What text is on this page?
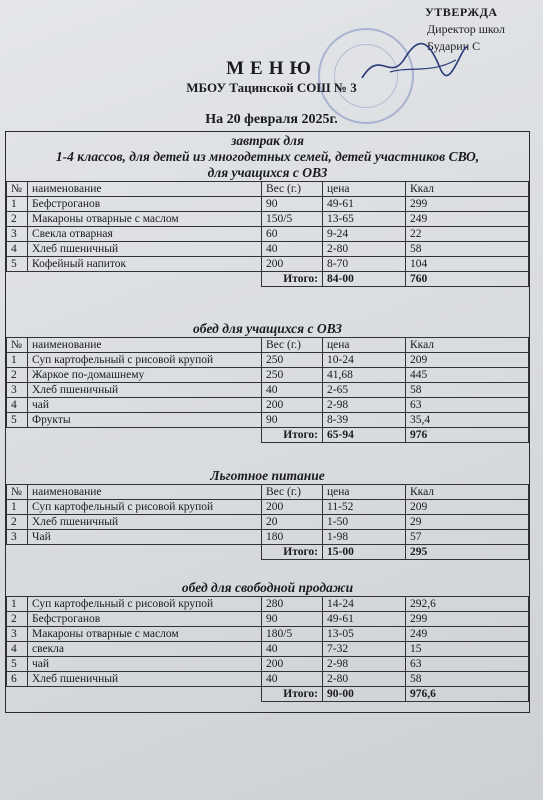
УТВЕРЖДА
Директор школ
Бударин С
МЕНЮ
МБОУ Тацинской СОШ № 3
На 20 февраля 2025г.
завтрак для
1-4 классов, для детей из многодетных семей, детей участников СВО,
для учащихся с ОВЗ
№	наименование	Вес (г.)	цена	Ккал
1	Бефстроганов	90	49-61	299
2	Макароны отварные с маслом	150/5	13-65	249
3	Свекла отварная	60	9-24	22
4	Хлеб пшеничный	40	2-80	58
5	Кофейный напиток	200	8-70	104
		Итого:	84-00	760
обед для учащихся с ОВЗ
№	наименование	Вес (г.)	цена	Ккал
1	Суп картофельный с рисовой крупой	250	10-24	209
2	Жаркое по-домашнему	250	41,68	445
3	Хлеб пшеничный	40	2-65	58
4	чай	200	2-98	63
5	Фрукты	90	8-39	35,4
		Итого:	65-94	976
Льготное питание
№	наименование	Вес (г.)	цена	Ккал
1	Суп картофельный с рисовой крупой	200	11-52	209
2	Хлеб пшеничный	20	1-50	29
3	Чай	180	1-98	57
		Итого:	15-00	295
обед для свободной продажи
1	Суп картофельный с рисовой крупой	280	14-24	292,6
2	Бефстроганов	90	49-61	299
3	Макароны отварные с маслом	180/5	13-05	249
4	свекла	40	7-32	15
5	чай	200	2-98	63
6	Хлеб пшеничный	40	2-80	58
		Итого:	90-00	976,6
